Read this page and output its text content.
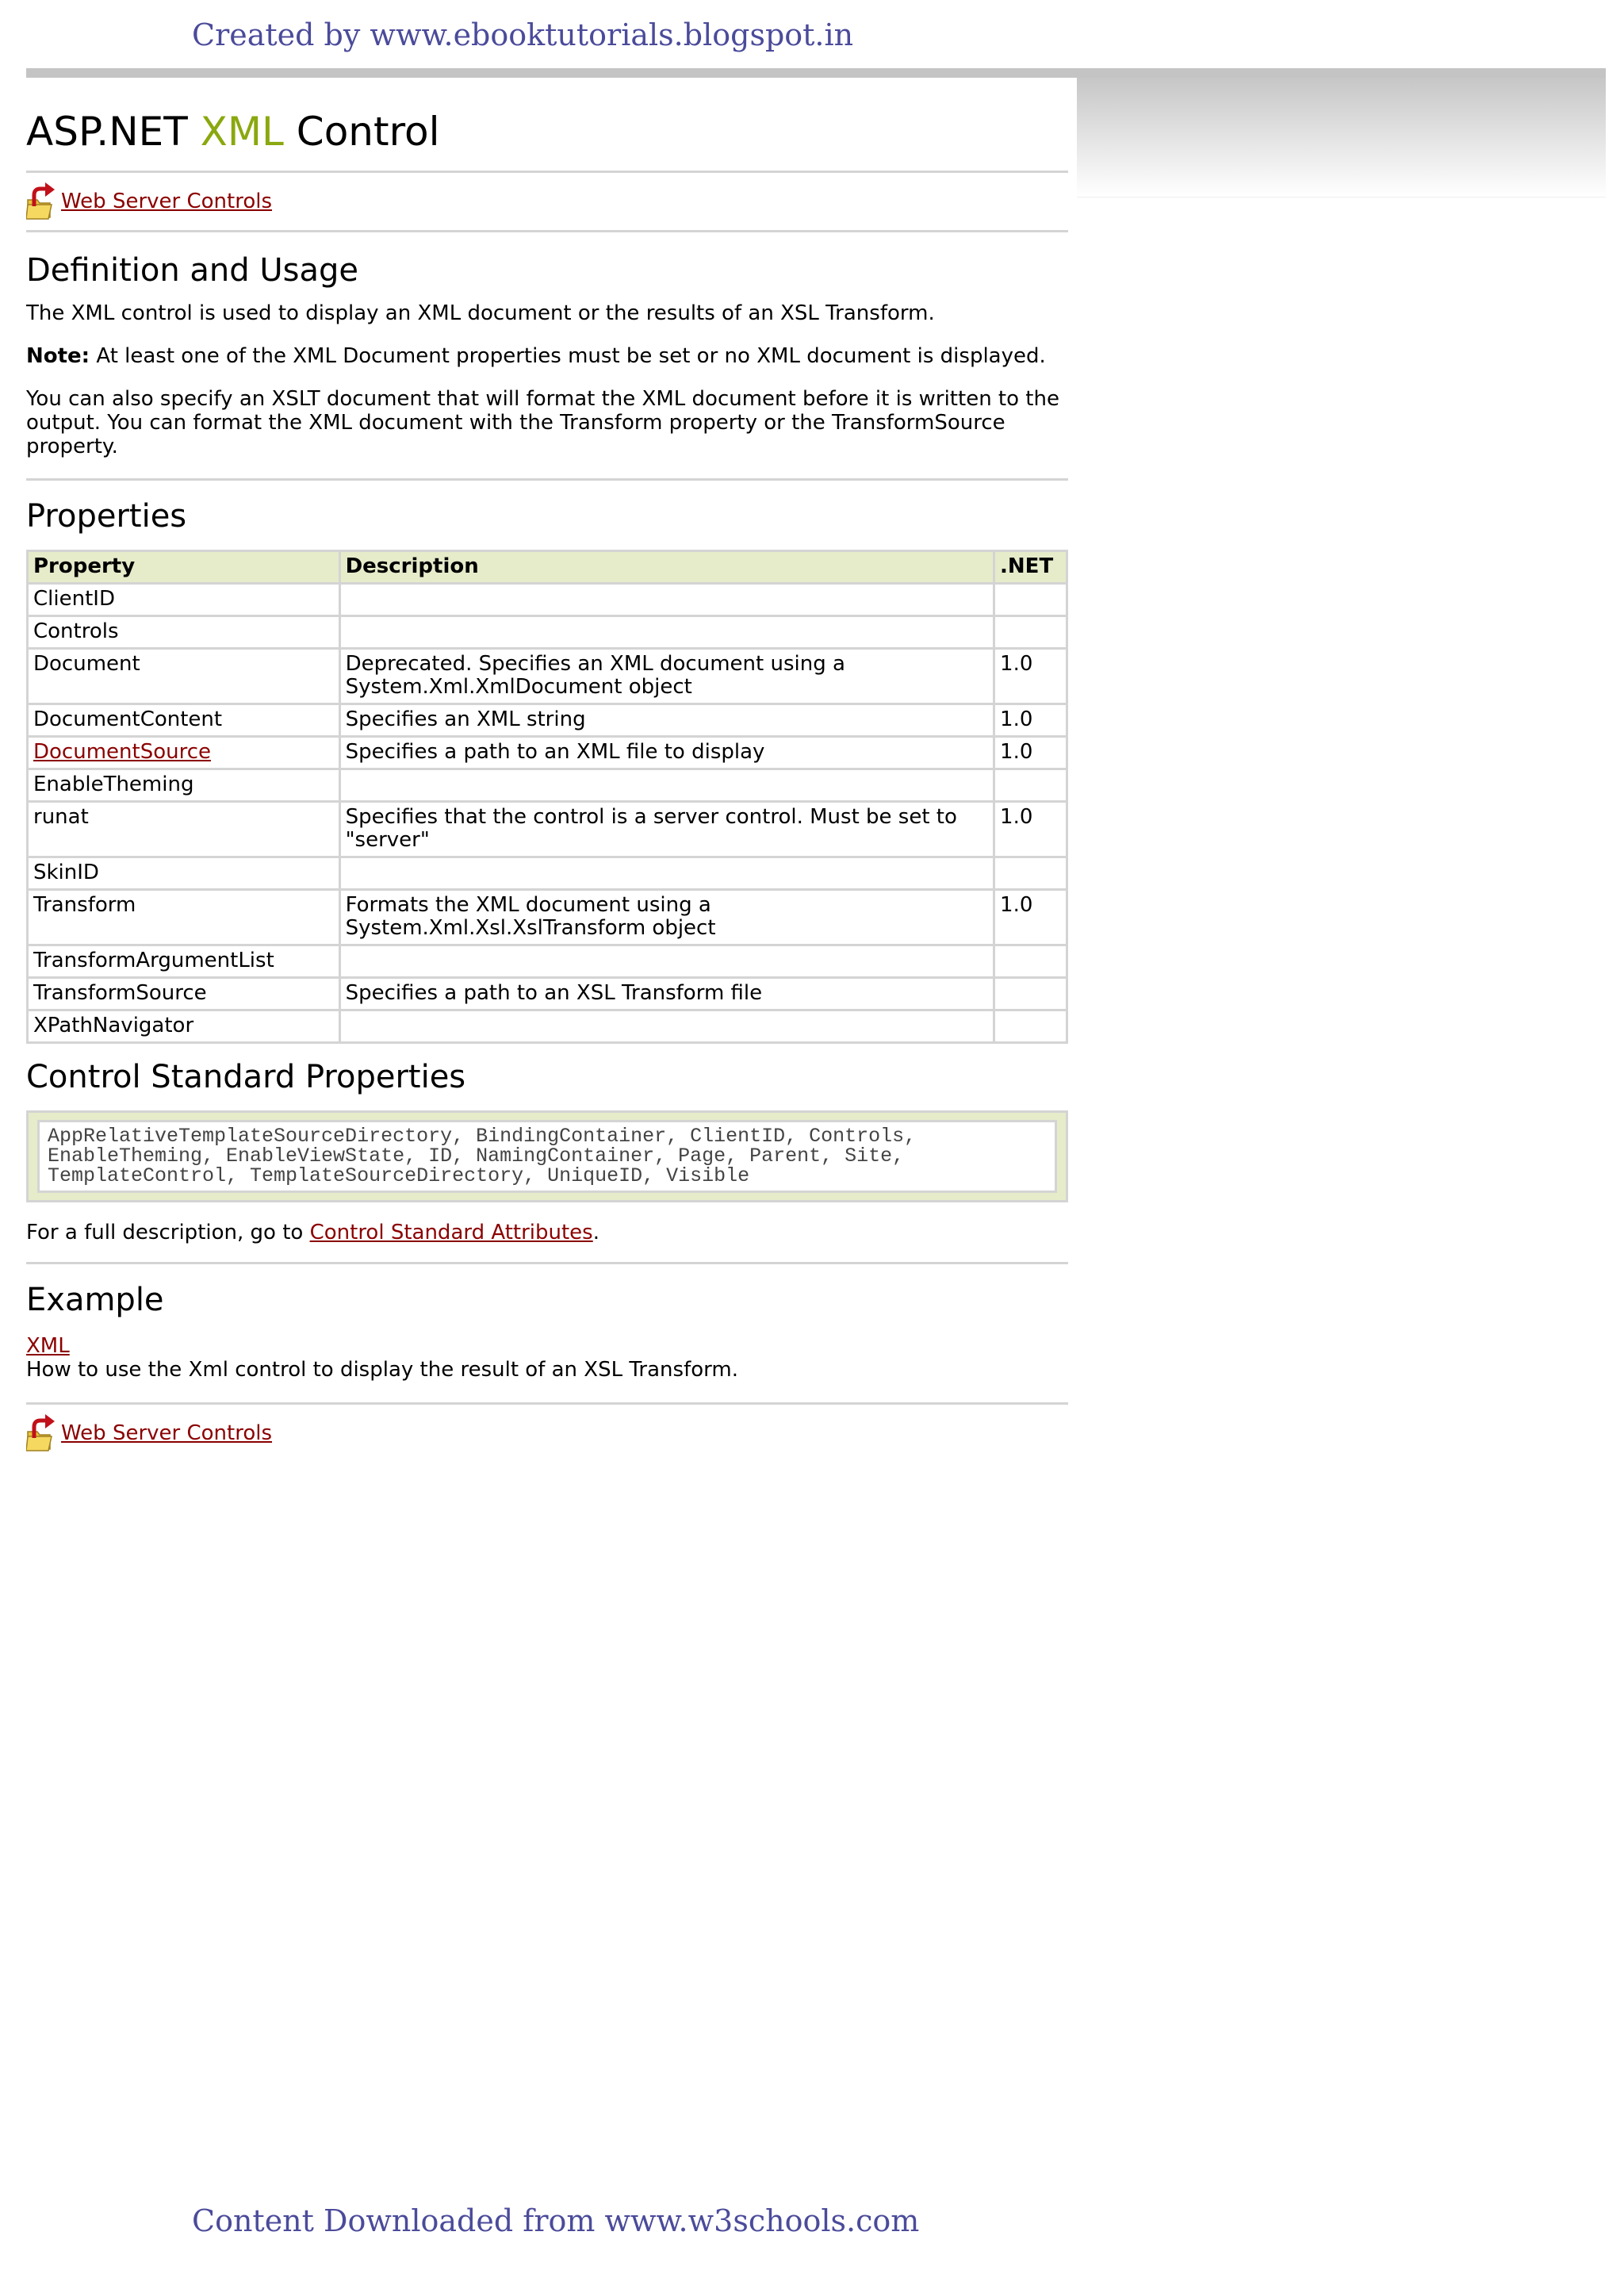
Created by www.ebooktutorials.blogspot.in
ASP.NET XML Control
Web Server Controls
Definition and Usage

The XML control is used to display an XML document or the results of an XSL Transform.

Note: At least one of the XML Document properties must be set or no XML document is displayed.

You can also specify an XSLT document that will format the XML document before it is written to the output. You can format the XML document with the Transform property or the TransformSource property.

Properties
Property	Description	.NET
ClientID		
Controls		
Document	Deprecated. Specifies an XML document using a System.Xml.XmlDocument object	1.0
DocumentContent	Specifies an XML string	1.0
DocumentSource	Specifies a path to an XML file to display	1.0
EnableTheming		
runat	Specifies that the control is a server control. Must be set to "server"	1.0
SkinID		
Transform	Formats the XML document using a System.Xml.Xsl.XslTransform object	1.0
TransformArgumentList		
TransformSource	Specifies a path to an XSL Transform file	
XPathNavigator		
Control Standard Properties
AppRelativeTemplateSourceDirectory, BindingContainer, ClientID, Controls,
EnableTheming, EnableViewState, ID, NamingContainer, Page, Parent, Site,
TemplateControl, TemplateSourceDirectory, UniqueID, Visible

For a full description, go to Control Standard Attributes.

Example

XML
How to use the Xml control to display the result of an XSL Transform.

Web Server Controls
Content Downloaded from www.w3schools.com
